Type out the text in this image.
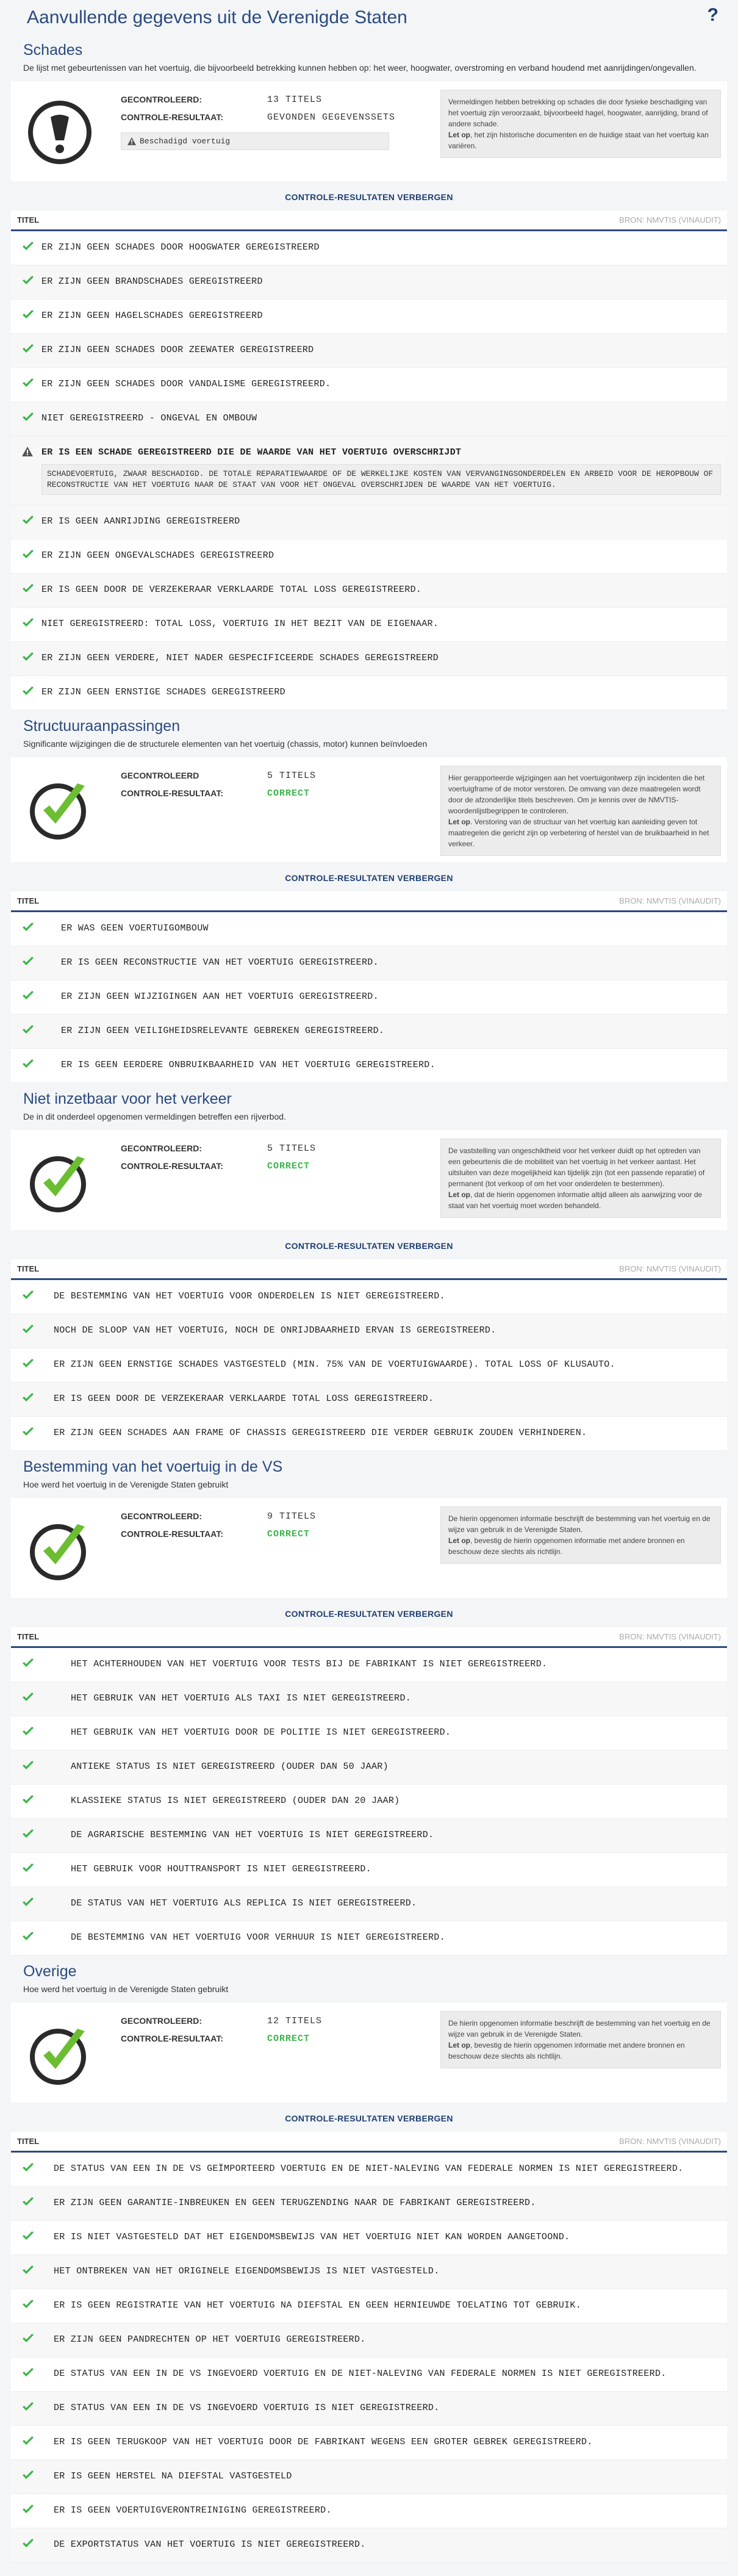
Aanvullende gegevens uit de Verenigde Staten	?
Schades

De lijst met gebeurtenissen van het voertuig, die bijvoorbeeld betrekking kunnen hebben op: het weer, hoogwater, overstroming en verband houdend met aanrijdingen/ongevallen.

GECONTROLEERD:	13 TITELS
CONTROLE-RESULTAAT:	GEVONDEN GEGEVENSSETS
Beschadigd voertuig
Vermeldingen hebben betrekking op schades die door fysieke beschadiging van het voertuig zijn veroorzaakt, bijvoorbeeld hagel, hoogwater, aanrijding, brand of andere schade.
Let op, het zijn historische documenten en de huidige staat van het voertuig kan variëren.
CONTROLE-RESULTATEN VERBERGEN
TITEL	BRON: NMVTIS (VINAUDIT)
ER ZIJN GEEN SCHADES DOOR HOOGWATER GEREGISTREERD
ER ZIJN GEEN BRANDSCHADES GEREGISTREERD
ER ZIJN GEEN HAGELSCHADES GEREGISTREERD
ER ZIJN GEEN SCHADES DOOR ZEEWATER GEREGISTREERD
ER ZIJN GEEN SCHADES DOOR VANDALISME GEREGISTREERD.
NIET GEREGISTREERD - ONGEVAL EN OMBOUW
ER IS EEN SCHADE GEREGISTREERD DIE DE WAARDE VAN HET VOERTUIG OVERSCHRIJDT
SCHADEVOERTUIG, ZWAAR BESCHADIGD. DE TOTALE REPARATIEWAARDE OF DE WERKELIJKE KOSTEN VAN VERVANGINGSONDERDELEN EN ARBEID VOOR DE HEROPBOUW OF RECONSTRUCTIE VAN HET VOERTUIG NAAR DE STAAT VAN VOOR HET ONGEVAL OVERSCHRIJDEN DE WAARDE VAN HET VOERTUIG.
ER IS GEEN AANRIJDING GEREGISTREERD
ER ZIJN GEEN ONGEVALSCHADES GEREGISTREERD
ER IS GEEN DOOR DE VERZEKERAAR VERKLAARDE TOTAL LOSS GEREGISTREERD.
NIET GEREGISTREERD: TOTAL LOSS, VOERTUIG IN HET BEZIT VAN DE EIGENAAR.
ER ZIJN GEEN VERDERE, NIET NADER GESPECIFICEERDE SCHADES GEREGISTREERD
ER ZIJN GEEN ERNSTIGE SCHADES GEREGISTREERD
Structuuraanpassingen

Significante wijzigingen die de structurele elementen van het voertuig (chassis, motor) kunnen beïnvloeden

GECONTROLEERD	5 TITELS
CONTROLE-RESULTAAT:	CORRECT
Hier gerapporteerde wijzigingen aan het voertuigontwerp zijn incidenten die het voertuigframe of de motor verstoren. De omvang van deze maatregelen wordt door de afzonderlijke titels beschreven. Om je kennis over de NMVTIS-woordenlijstbegrippen te controleren.
Let op. Verstoring van de structuur van het voertuig kan aanleiding geven tot maatregelen die gericht zijn op verbetering of herstel van de bruikbaarheid in het verkeer.
CONTROLE-RESULTATEN VERBERGEN
TITEL	BRON: NMVTIS (VINAUDIT)
ER WAS GEEN VOERTUIGOMBOUW
ER IS GEEN RECONSTRUCTIE VAN HET VOERTUIG GEREGISTREERD.
ER ZIJN GEEN WIJZIGINGEN AAN HET VOERTUIG GEREGISTREERD.
ER ZIJN GEEN VEILIGHEIDSRELEVANTE GEBREKEN GEREGISTREERD.
ER IS GEEN EERDERE ONBRUIKBAARHEID VAN HET VOERTUIG GEREGISTREERD.
Niet inzetbaar voor het verkeer

De in dit onderdeel opgenomen vermeldingen betreffen een rijverbod.

GECONTROLEERD:	5 TITELS
CONTROLE-RESULTAAT:	CORRECT
De vaststelling van ongeschiktheid voor het verkeer duidt op het optreden van een gebeurtenis die de mobiliteit van het voertuig in het verkeer aantast. Het uitsluiten van deze mogelijkheid kan tijdelijk zijn (tot een passende reparatie) of permanent (tot verkoop of om het voor onderdelen te bestemmen).
Let op, dat de hierin opgenomen informatie altijd alleen als aanwijzing voor de staat van het voertuig moet worden behandeld.
CONTROLE-RESULTATEN VERBERGEN
TITEL	BRON: NMVTIS (VINAUDIT)
DE BESTEMMING VAN HET VOERTUIG VOOR ONDERDELEN IS NIET GEREGISTREERD.
NOCH DE SLOOP VAN HET VOERTUIG, NOCH DE ONRIJDBAARHEID ERVAN IS GEREGISTREERD.
ER ZIJN GEEN ERNSTIGE SCHADES VASTGESTELD (MIN. 75% VAN DE VOERTUIGWAARDE). TOTAL LOSS OF KLUSAUTO.
ER IS GEEN DOOR DE VERZEKERAAR VERKLAARDE TOTAL LOSS GEREGISTREERD.
ER ZIJN GEEN SCHADES AAN FRAME OF CHASSIS GEREGISTREERD DIE VERDER GEBRUIK ZOUDEN VERHINDEREN.
Bestemming van het voertuig in de VS

Hoe werd het voertuig in de Verenigde Staten gebruikt

GECONTROLEERD:	9 TITELS
CONTROLE-RESULTAAT:	CORRECT
De hierin opgenomen informatie beschrijft de bestemming van het voertuig en de wijze van gebruik in de Verenigde Staten.
Let op, bevestig de hierin opgenomen informatie met andere bronnen en beschouw deze slechts als richtlijn.
CONTROLE-RESULTATEN VERBERGEN
TITEL	BRON: NMVTIS (VINAUDIT)
HET ACHTERHOUDEN VAN HET VOERTUIG VOOR TESTS BIJ DE FABRIKANT IS NIET GEREGISTREERD.
HET GEBRUIK VAN HET VOERTUIG ALS TAXI IS NIET GEREGISTREERD.
HET GEBRUIK VAN HET VOERTUIG DOOR DE POLITIE IS NIET GEREGISTREERD.
ANTIEKE STATUS IS NIET GEREGISTREERD (OUDER DAN 50 JAAR)
KLASSIEKE STATUS IS NIET GEREGISTREERD (OUDER DAN 20 JAAR)
DE AGRARISCHE BESTEMMING VAN HET VOERTUIG IS NIET GEREGISTREERD.
HET GEBRUIK VOOR HOUTTRANSPORT IS NIET GEREGISTREERD.
DE STATUS VAN HET VOERTUIG ALS REPLICA IS NIET GEREGISTREERD.
DE BESTEMMING VAN HET VOERTUIG VOOR VERHUUR IS NIET GEREGISTREERD.
Overige

Hoe werd het voertuig in de Verenigde Staten gebruikt

GECONTROLEERD:	12 TITELS
CONTROLE-RESULTAAT:	CORRECT
De hierin opgenomen informatie beschrijft de bestemming van het voertuig en de wijze van gebruik in de Verenigde Staten.
Let op, bevestig de hierin opgenomen informatie met andere bronnen en beschouw deze slechts als richtlijn.
CONTROLE-RESULTATEN VERBERGEN
TITEL	BRON: NMVTIS (VINAUDIT)
DE STATUS VAN EEN IN DE VS GEÏMPORTEERD VOERTUIG EN DE NIET-NALEVING VAN FEDERALE NORMEN IS NIET GEREGISTREERD.
ER ZIJN GEEN GARANTIE-INBREUKEN EN GEEN TERUGZENDING NAAR DE FABRIKANT GEREGISTREERD.
ER IS NIET VASTGESTELD DAT HET EIGENDOMSBEWIJS VAN HET VOERTUIG NIET KAN WORDEN AANGETOOND.
HET ONTBREKEN VAN HET ORIGINELE EIGENDOMSBEWIJS IS NIET VASTGESTELD.
ER IS GEEN REGISTRATIE VAN HET VOERTUIG NA DIEFSTAL EN GEEN HERNIEUWDE TOELATING TOT GEBRUIK.
ER ZIJN GEEN PANDRECHTEN OP HET VOERTUIG GEREGISTREERD.
DE STATUS VAN EEN IN DE VS INGEVOERD VOERTUIG EN DE NIET-NALEVING VAN FEDERALE NORMEN IS NIET GEREGISTREERD.
DE STATUS VAN EEN IN DE VS INGEVOERD VOERTUIG IS NIET GEREGISTREERD.
ER IS GEEN TERUGKOOP VAN HET VOERTUIG DOOR DE FABRIKANT WEGENS EEN GROTER GEBREK GEREGISTREERD.
ER IS GEEN HERSTEL NA DIEFSTAL VASTGESTELD
ER IS GEEN VOERTUIGVERONTREINIGING GEREGISTREERD.
DE EXPORTSTATUS VAN HET VOERTUIG IS NIET GEREGISTREERD.
